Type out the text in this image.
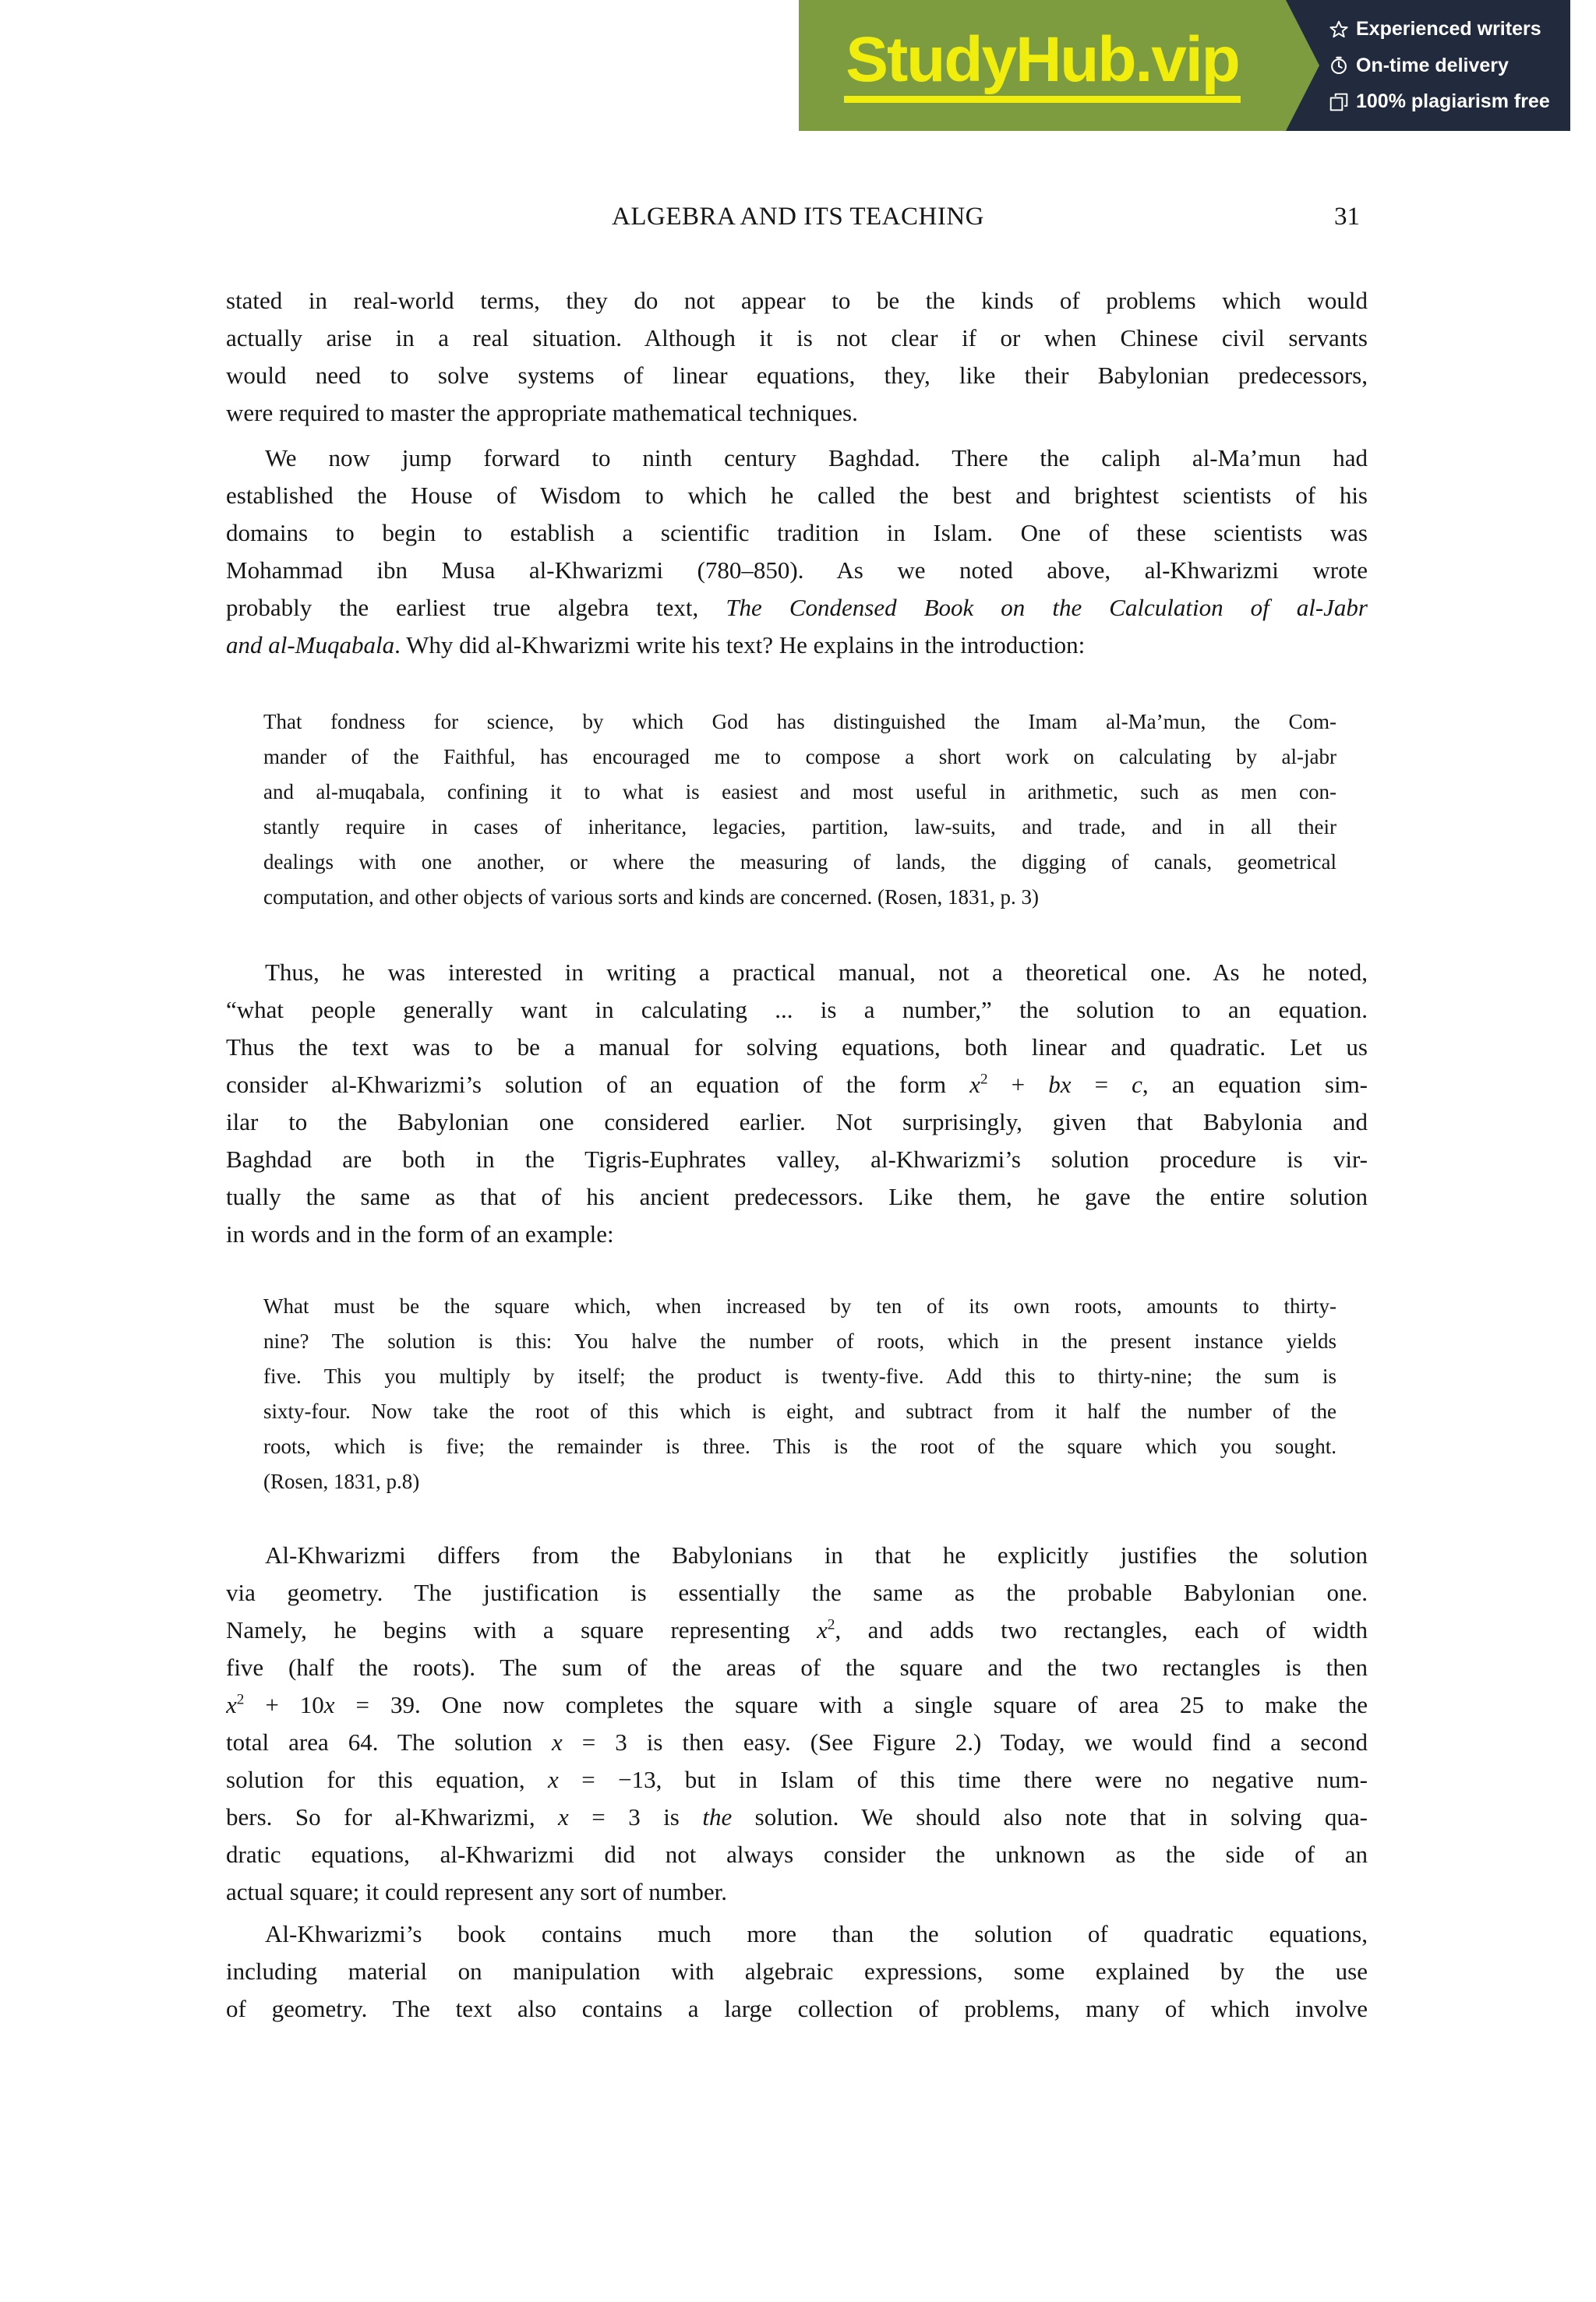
StudyHub.vip	Experienced writers
On-time delivery
100% plagiarism free
ALGEBRA AND ITS TEACHING	31
stated in real-world terms, they do not appear to be the kinds of problems which would
actually arise in a real situation. Although it is not clear if or when Chinese civil servants
would need to solve systems of linear equations, they, like their Babylonian predecessors,
were required to master the appropriate mathematical techniques.
We now jump forward to ninth century Baghdad. There the caliph al-Ma’mun had
established the House of Wisdom to which he called the best and brightest scientists of his
domains to begin to establish a scientific tradition in Islam. One of these scientists was
Mohammad ibn Musa al-Khwarizmi (780–850). As we noted above, al-Khwarizmi wrote
probably the earliest true algebra text, The Condensed Book on the Calculation of al-Jabr
and al-Muqabala. Why did al-Khwarizmi write his text? He explains in the introduction:
That fondness for science, by which God has distinguished the Imam al-Ma’mun, the Com-
mander of the Faithful, has encouraged me to compose a short work on calculating by al-jabr
and al-muqabala, confining it to what is easiest and most useful in arithmetic, such as men con-
stantly require in cases of inheritance, legacies, partition, law-suits, and trade, and in all their
dealings with one another, or where the measuring of lands, the digging of canals, geometrical
computation, and other objects of various sorts and kinds are concerned. (Rosen, 1831, p. 3)
Thus, he was interested in writing a practical manual, not a theoretical one. As he noted,
“what people generally want in calculating ... is a number,” the solution to an equation.
Thus the text was to be a manual for solving equations, both linear and quadratic. Let us
consider al-Khwarizmi’s solution of an equation of the form $x^2$ + bx = c, an equation sim-
ilar to the Babylonian one considered earlier. Not surprisingly, given that Babylonia and
Baghdad are both in the Tigris-Euphrates valley, al-Khwarizmi’s solution procedure is vir-
tually the same as that of his ancient predecessors. Like them, he gave the entire solution
in words and in the form of an example:
What must be the square which, when increased by ten of its own roots, amounts to thirty-
nine? The solution is this: You halve the number of roots, which in the present instance yields
five. This you multiply by itself; the product is twenty-five. Add this to thirty-nine; the sum is
sixty-four. Now take the root of this which is eight, and subtract from it half the number of the
roots, which is five; the remainder is three. This is the root of the square which you sought.
(Rosen, 1831, p.8)
Al-Khwarizmi differs from the Babylonians in that he explicitly justifies the solution
via geometry. The justification is essentially the same as the probable Babylonian one.
Namely, he begins with a square representing $x^2$, and adds two rectangles, each of width
five (half the roots). The sum of the areas of the square and the two rectangles is then
$x^2 + 10x = 39$. One now completes the square with a single square of area 25 to make the
total area 64. The solution x = 3 is then easy. (See Figure 2.) Today, we would find a second
solution for this equation, x = −13, but in Islam of this time there were no negative num-
bers. So for al-Khwarizmi, x = 3 is the solution. We should also note that in solving qua-
dratic equations, al-Khwarizmi did not always consider the unknown as the side of an
actual square; it could represent any sort of number.
Al-Khwarizmi’s book contains much more than the solution of quadratic equations,
including material on manipulation with algebraic expressions, some explained by the use
of geometry. The text also contains a large collection of problems, many of which involve
